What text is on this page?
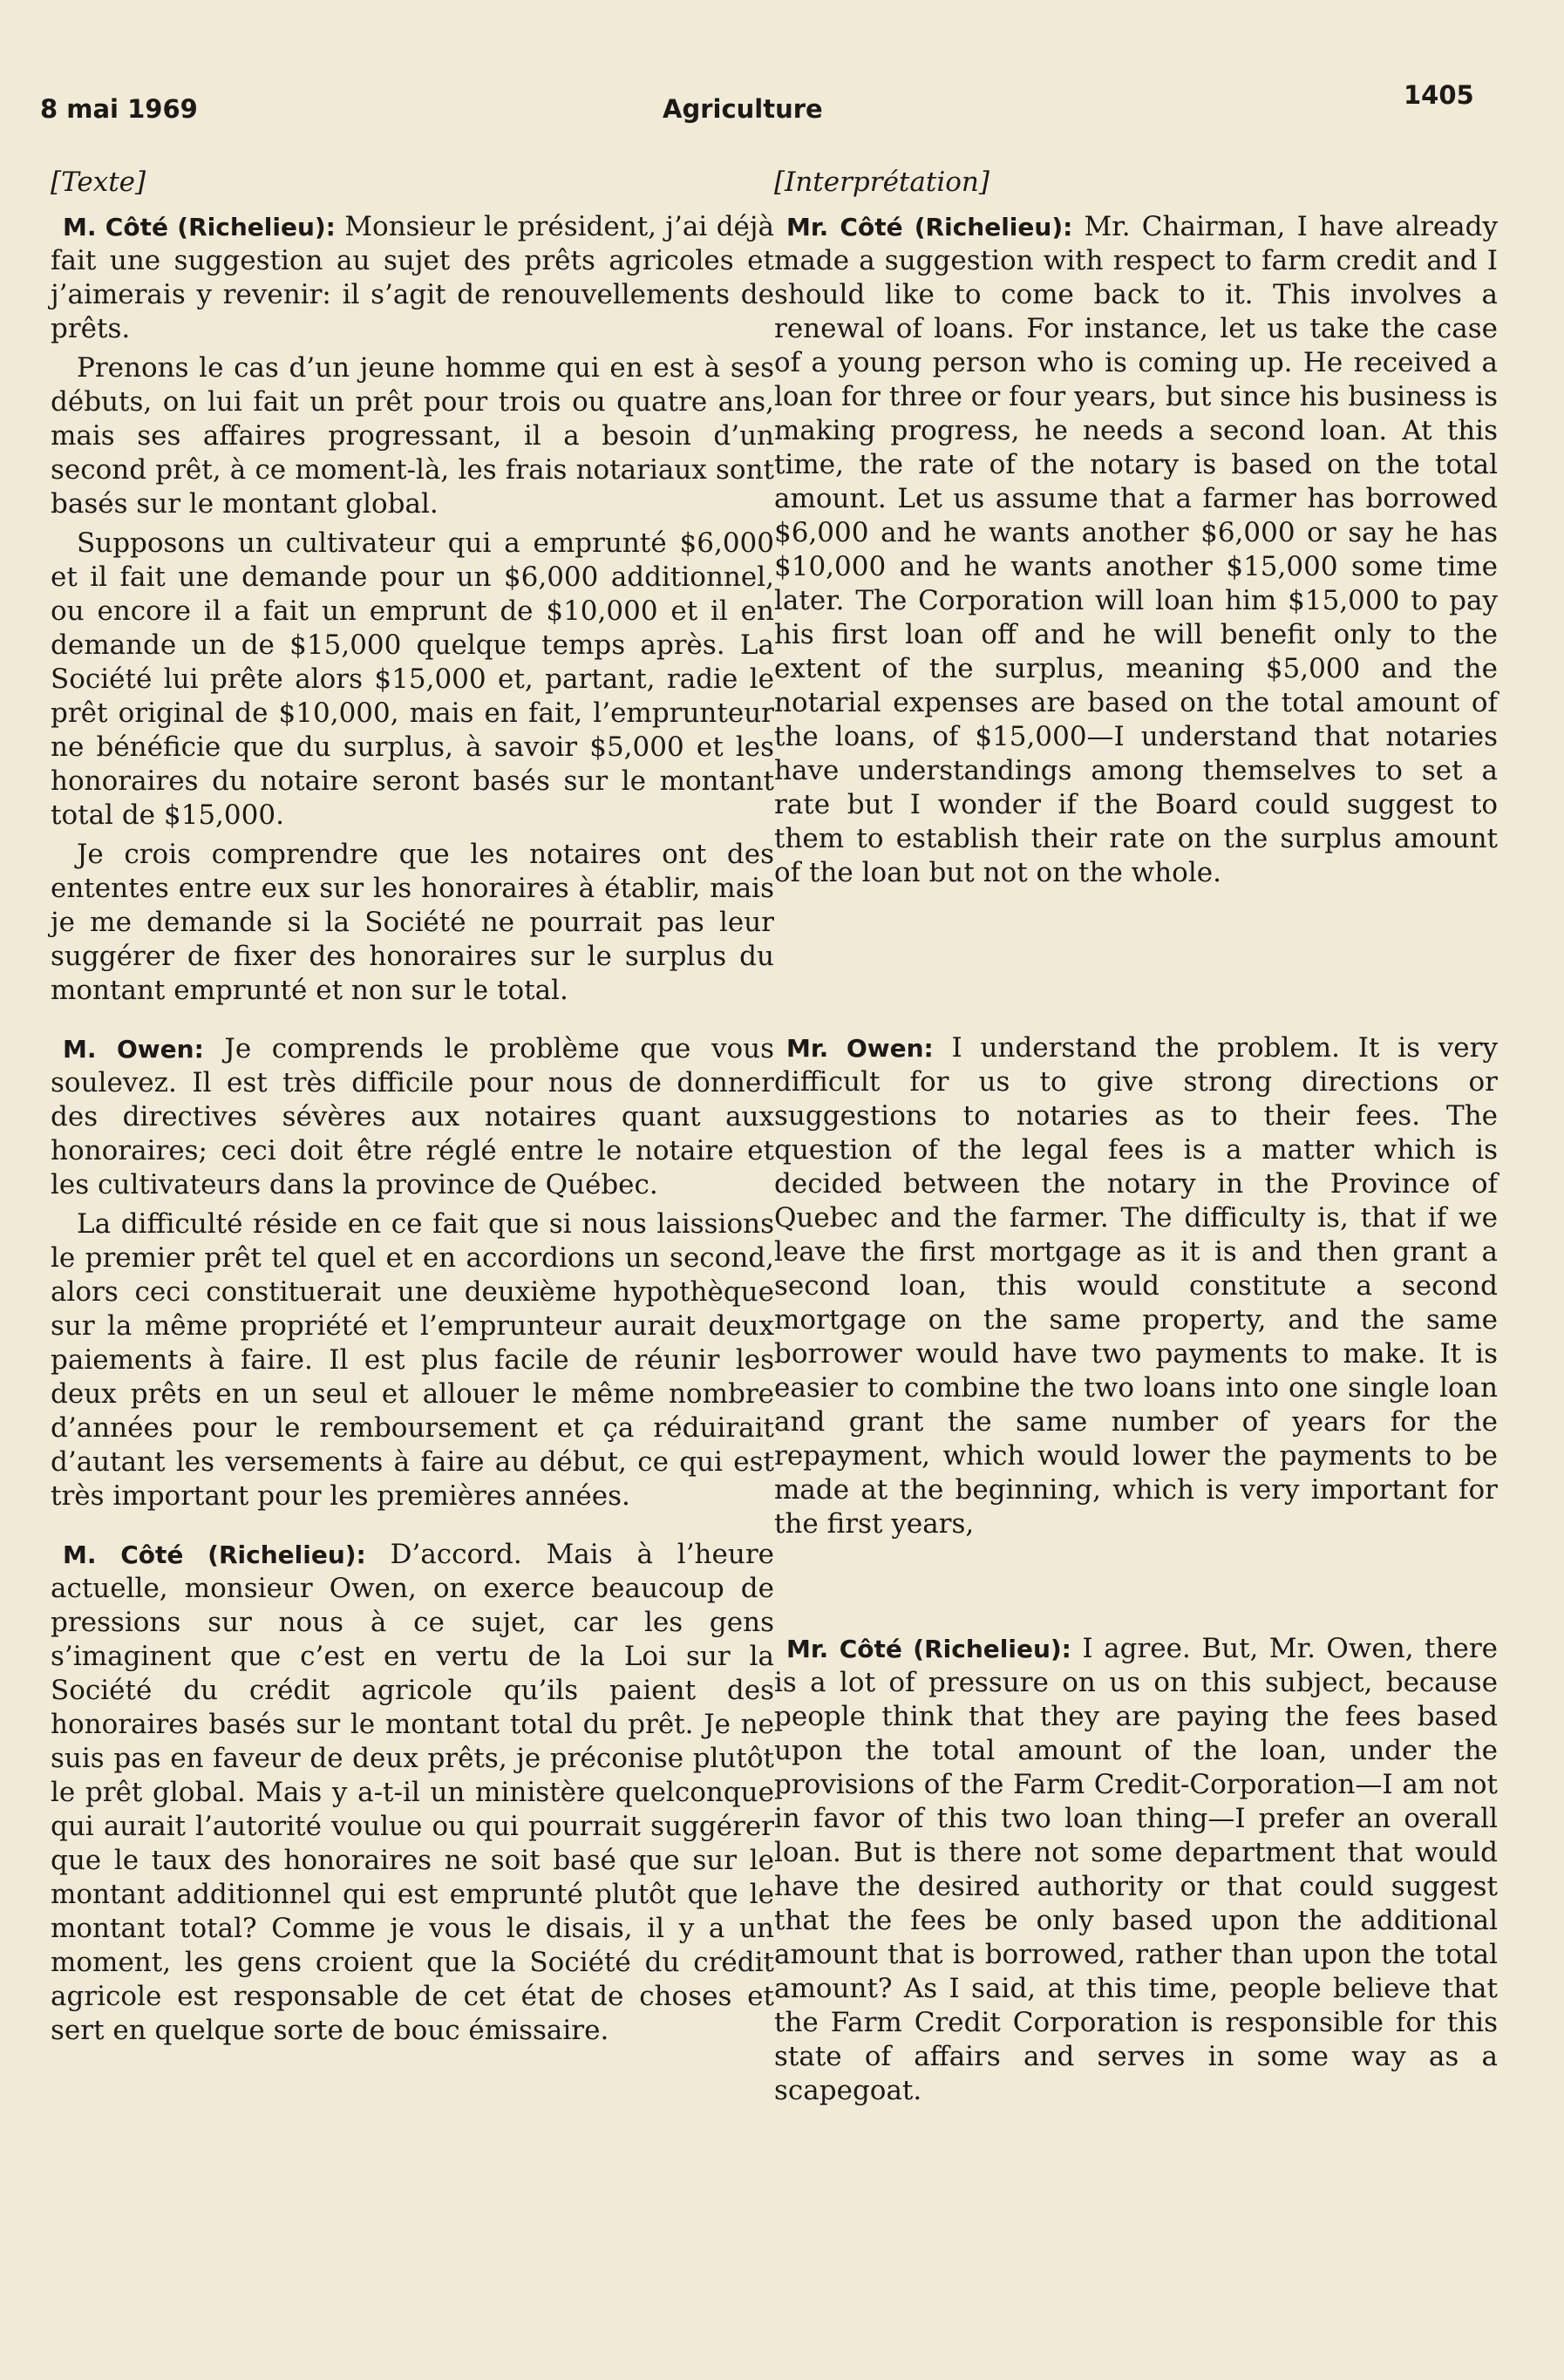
8 mai 1969	Agriculture	1405
[Texte]

M. Côté (Richelieu): Monsieur le président, j’ai déjà fait une suggestion au sujet des prêts agricoles et j’aimerais y revenir: il s’agit de renouvellements de prêts.

Prenons le cas d’un jeune homme qui en est à ses débuts, on lui fait un prêt pour trois ou quatre ans, mais ses affaires progressant, il a besoin d’un second prêt, à ce moment-là, les frais notariaux sont basés sur le montant global.

Supposons un cultivateur qui a emprunté $6,000 et il fait une demande pour un $6,000 additionnel, ou encore il a fait un emprunt de $10,000 et il en demande un de $15,000 quelque temps après. La Société lui prête alors $15,000 et, partant, radie le prêt original de $10,000, mais en fait, l’emprunteur ne bénéficie que du surplus, à savoir $5,000 et les honoraires du notaire seront basés sur le montant total de $15,000.

Je crois comprendre que les notaires ont des ententes entre eux sur les honoraires à établir, mais je me demande si la Société ne pourrait pas leur suggérer de fixer des honoraires sur le surplus du montant emprunté et non sur le total.

M. Owen: Je comprends le problème que vous soulevez. Il est très difficile pour nous de donner des directives sévères aux notaires quant aux honoraires; ceci doit être réglé entre le notaire et les cultivateurs dans la province de Québec.

La difficulté réside en ce fait que si nous laissions le premier prêt tel quel et en accordions un second, alors ceci constituerait une deuxième hypothèque sur la même propriété et l’emprunteur aurait deux paiements à faire. Il est plus facile de réunir les deux prêts en un seul et allouer le même nombre d’années pour le remboursement et ça réduirait d’autant les versements à faire au début, ce qui est très important pour les premières années.

M. Côté (Richelieu): D’accord. Mais à l’heure actuelle, monsieur Owen, on exerce beaucoup de pressions sur nous à ce sujet, car les gens s’imaginent que c’est en vertu de la Loi sur la Société du crédit agricole qu’ils paient des honoraires basés sur le montant total du prêt. Je ne suis pas en faveur de deux prêts, je préconise plutôt le prêt global. Mais y a-t-il un ministère quelconque qui aurait l’autorité voulue ou qui pourrait suggérer que le taux des honoraires ne soit basé que sur le montant additionnel qui est emprunté plutôt que le montant total? Comme je vous le disais, il y a un moment, les gens croient que la Société du crédit agricole est responsable de cet état de choses et sert en quelque sorte de bouc émissaire.

[Interprétation]

Mr. Côté (Richelieu): Mr. Chairman, I have already made a suggestion with respect to farm credit and I should like to come back to it. This involves a renewal of loans. For instance, let us take the case of a young person who is coming up. He received a loan for three or four years, but since his business is making progress, he needs a second loan. At this time, the rate of the notary is based on the total amount. Let us assume that a farmer has borrowed $6,000 and he wants another $6,000 or say he has $10,000 and he wants another $15,000 some time later. The Corporation will loan him $15,000 to pay his first loan off and he will benefit only to the extent of the surplus, meaning $5,000 and the notarial expenses are based on the total amount of the loans, of $15,000—I understand that notaries have understandings among themselves to set a rate but I wonder if the Board could suggest to them to establish their rate on the surplus amount of the loan but not on the whole.

Mr. Owen: I understand the problem. It is very difficult for us to give strong directions or suggestions to notaries as to their fees. The question of the legal fees is a matter which is decided between the notary in the Province of Quebec and the farmer. The difficulty is, that if we leave the first mortgage as it is and then grant a second loan, this would constitute a second mortgage on the same property, and the same borrower would have two payments to make. It is easier to combine the two loans into one single loan and grant the same number of years for the repayment, which would lower the payments to be made at the beginning, which is very important for the first years,

Mr. Côté (Richelieu): I agree. But, Mr. Owen, there is a lot of pressure on us on this subject, because people think that they are paying the fees based upon the total amount of the loan, under the provisions of the Farm Credit-Corporation—I am not in favor of this two loan thing—I prefer an overall loan. But is there not some department that would have the desired authority or that could suggest that the fees be only based upon the additional amount that is borrowed, rather than upon the total amount? As I said, at this time, people believe that the Farm Credit Corporation is responsible for this state of affairs and serves in some way as a scapegoat.
